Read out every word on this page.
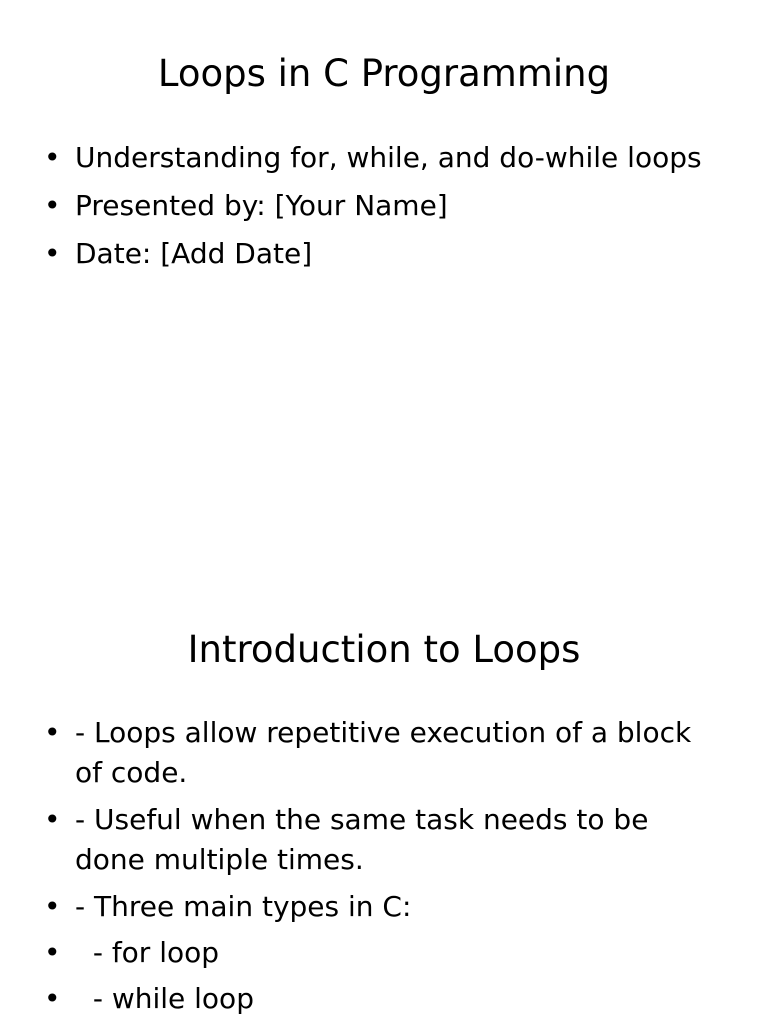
Loops in C Programming
• Understanding for, while, and do-while loops
• Presented by: [Your Name]
• Date: [Add Date]
Introduction to Loops
• - Loops allow repetitive execution of a block of code.
• - Useful when the same task needs to be done multiple times.
• - Three main types in C:
• - for loop
• - while loop
